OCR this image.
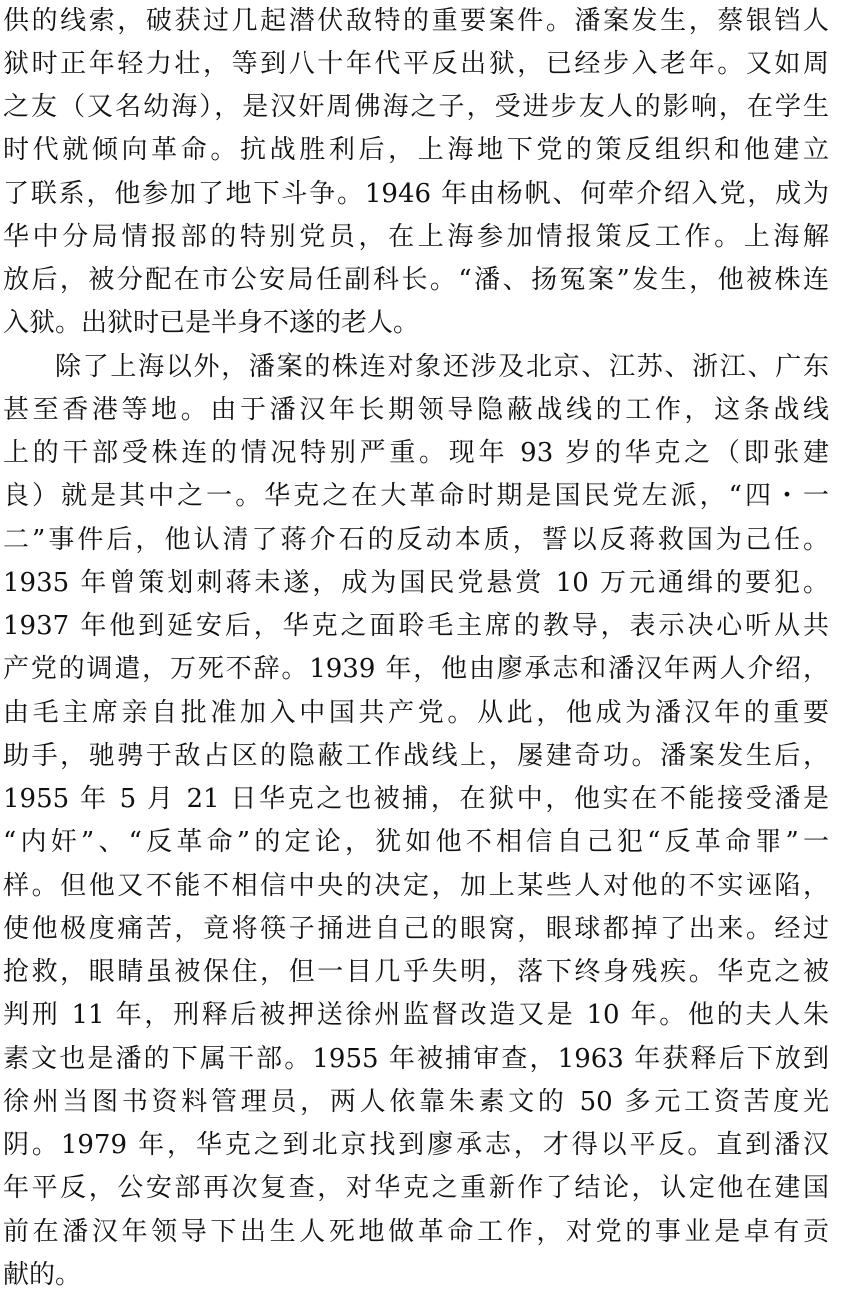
供的线索，破获过几起潜伏敌特的重要案件。潘案发生，蔡银铛人
狱时正年轻力壮，等到八十年代平反出狱，已经步入老年。又如周
之友（又名幼海），是汉奸周佛海之子，受进步友人的影响，在学生
时代就倾向革命。抗战胜利后，上海地下党的策反组织和他建立
了联系，他参加了地下斗争。1946 年由杨帆、何荦介绍入党，成为
华中分局情报部的特别党员，在上海参加情报策反工作。上海解
放后，被分配在市公安局任副科长。“潘、扬冤案”发生，他被株连
入狱。出狱时已是半身不遂的老人。
除了上海以外，潘案的株连对象还涉及北京、江苏、浙江、广东
甚至香港等地。由于潘汉年长期领导隐蔽战线的工作，这条战线
上的干部受株连的情况特别严重。现年 93 岁的华克之（即张建
良）就是其中之一。华克之在大革命时期是国民党左派，“四・一
二”事件后，他认清了蒋介石的反动本质，誓以反蒋救国为己任。
1935 年曾策划刺蒋未遂，成为国民党悬赏 10 万元通缉的要犯。
1937 年他到延安后，华克之面聆毛主席的教导，表示决心听从共
产党的调遣，万死不辞。1939 年，他由廖承志和潘汉年两人介绍，
由毛主席亲自批准加入中国共产党。从此，他成为潘汉年的重要
助手，驰骋于敌占区的隐蔽工作战线上，屡建奇功。潘案发生后，
1955 年 5 月 21 日华克之也被捕，在狱中，他实在不能接受潘是
“内奸”、“反革命”的定论，犹如他不相信自己犯“反革命罪”一
样。但他又不能不相信中央的决定，加上某些人对他的不实诬陷，
使他极度痛苦，竟将筷子捅进自己的眼窝，眼球都掉了出来。经过
抢救，眼睛虽被保住，但一目几乎失明，落下终身残疾。华克之被
判刑 11 年，刑释后被押送徐州监督改造又是 10 年。他的夫人朱
素文也是潘的下属干部。1955 年被捕审查，1963 年获释后下放到
徐州当图书资料管理员，两人依靠朱素文的 50 多元工资苦度光
阴。1979 年，华克之到北京找到廖承志，才得以平反。直到潘汉
年平反，公安部再次复查，对华克之重新作了结论，认定他在建国
前在潘汉年领导下出生人死地做革命工作，对党的事业是卓有贡
献的。
